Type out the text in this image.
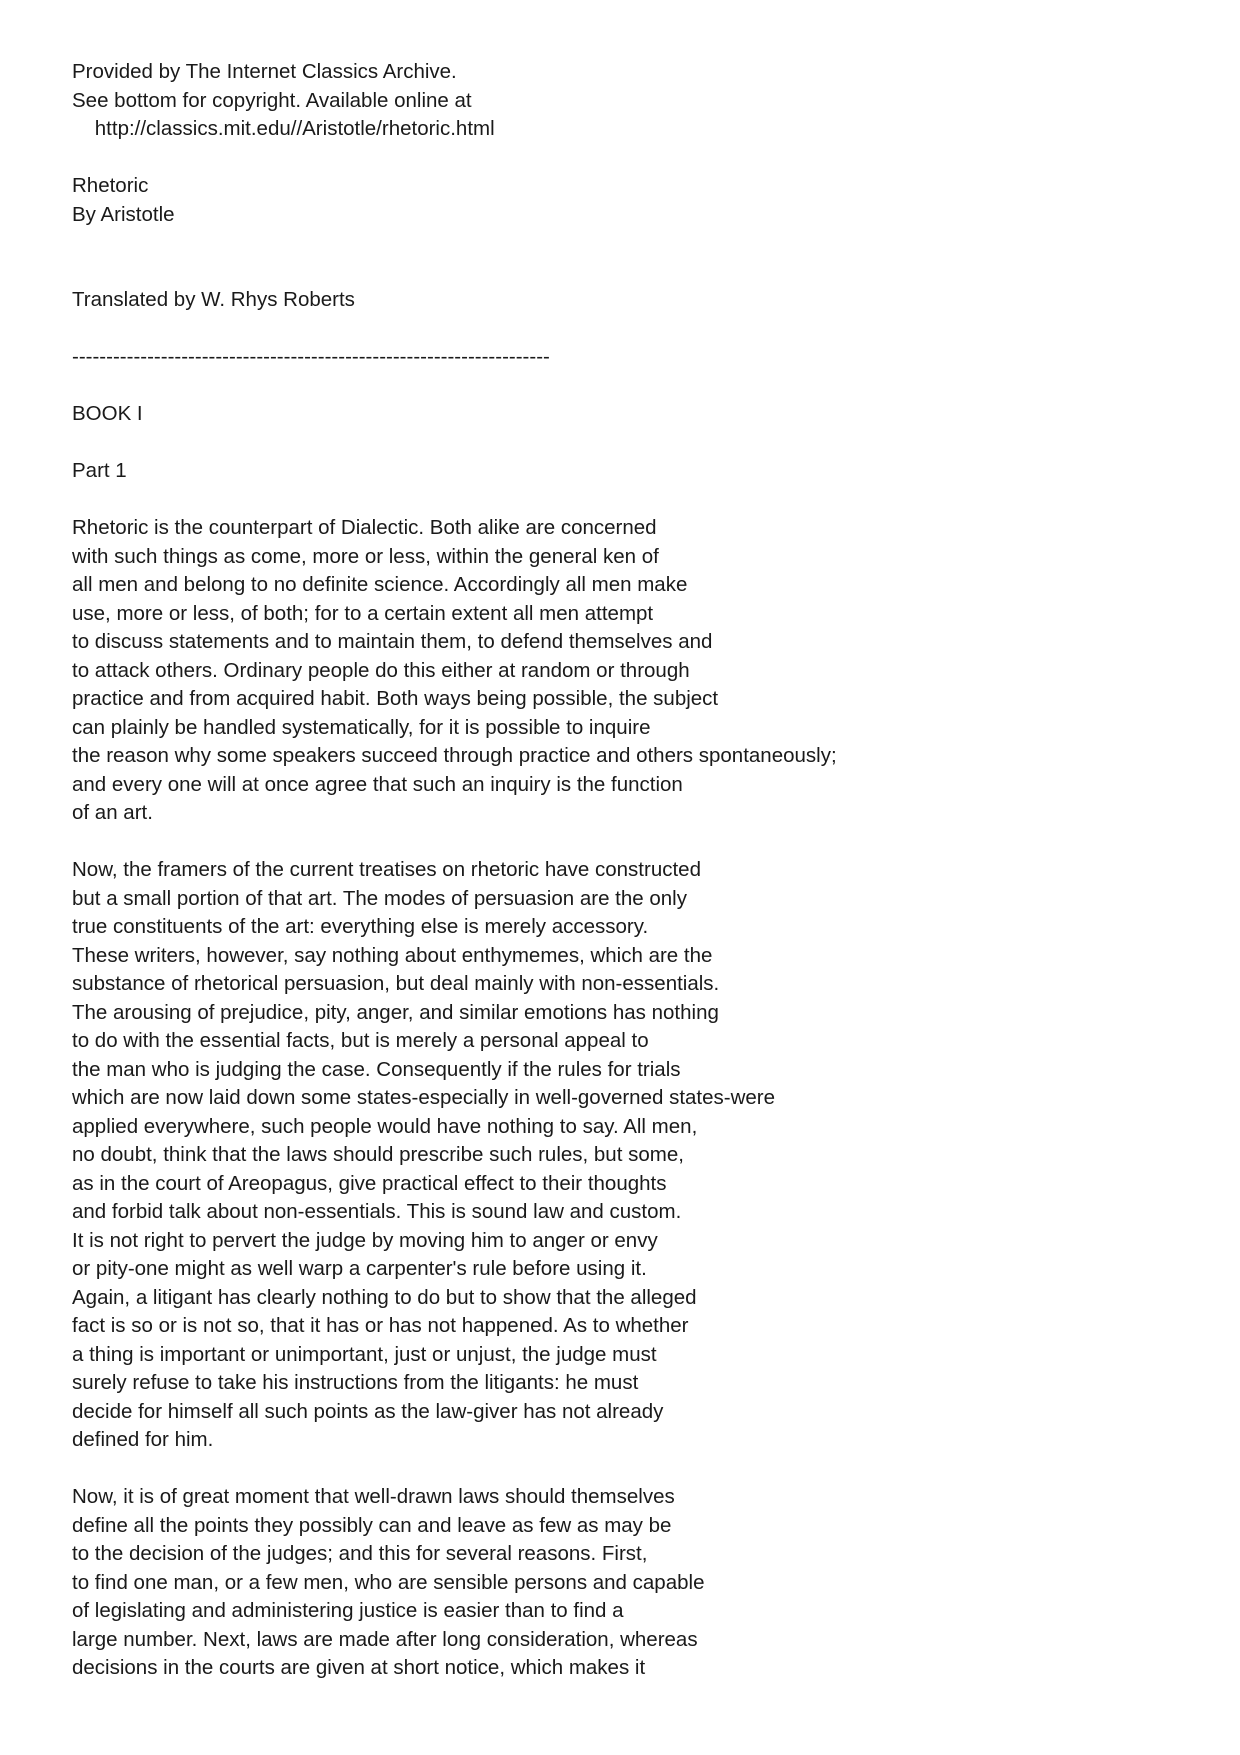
Provided by The Internet Classics Archive.
See bottom for copyright. Available online at
http://classics.mit.edu//Aristotle/rhetoric.html
Rhetoric
By Aristotle
Translated by W. Rhys Roberts
----------------------------------------------------------------------
BOOK I
Part 1
Rhetoric is the counterpart of Dialectic. Both alike are concerned
with such things as come, more or less, within the general ken of
all men and belong to no definite science. Accordingly all men make
use, more or less, of both; for to a certain extent all men attempt
to discuss statements and to maintain them, to defend themselves and
to attack others. Ordinary people do this either at random or through
practice and from acquired habit. Both ways being possible, the subject
can plainly be handled systematically, for it is possible to inquire
the reason why some speakers succeed through practice and others spontaneously;
and every one will at once agree that such an inquiry is the function
of an art.
Now, the framers of the current treatises on rhetoric have constructed
but a small portion of that art. The modes of persuasion are the only
true constituents of the art: everything else is merely accessory.
These writers, however, say nothing about enthymemes, which are the
substance of rhetorical persuasion, but deal mainly with non-essentials.
The arousing of prejudice, pity, anger, and similar emotions has nothing
to do with the essential facts, but is merely a personal appeal to
the man who is judging the case. Consequently if the rules for trials
which are now laid down some states-especially in well-governed states-were
applied everywhere, such people would have nothing to say. All men,
no doubt, think that the laws should prescribe such rules, but some,
as in the court of Areopagus, give practical effect to their thoughts
and forbid talk about non-essentials. This is sound law and custom.
It is not right to pervert the judge by moving him to anger or envy
or pity-one might as well warp a carpenter's rule before using it.
Again, a litigant has clearly nothing to do but to show that the alleged
fact is so or is not so, that it has or has not happened. As to whether
a thing is important or unimportant, just or unjust, the judge must
surely refuse to take his instructions from the litigants: he must
decide for himself all such points as the law-giver has not already
defined for him.
Now, it is of great moment that well-drawn laws should themselves
define all the points they possibly can and leave as few as may be
to the decision of the judges; and this for several reasons. First,
to find one man, or a few men, who are sensible persons and capable
of legislating and administering justice is easier than to find a
large number. Next, laws are made after long consideration, whereas
decisions in the courts are given at short notice, which makes it
